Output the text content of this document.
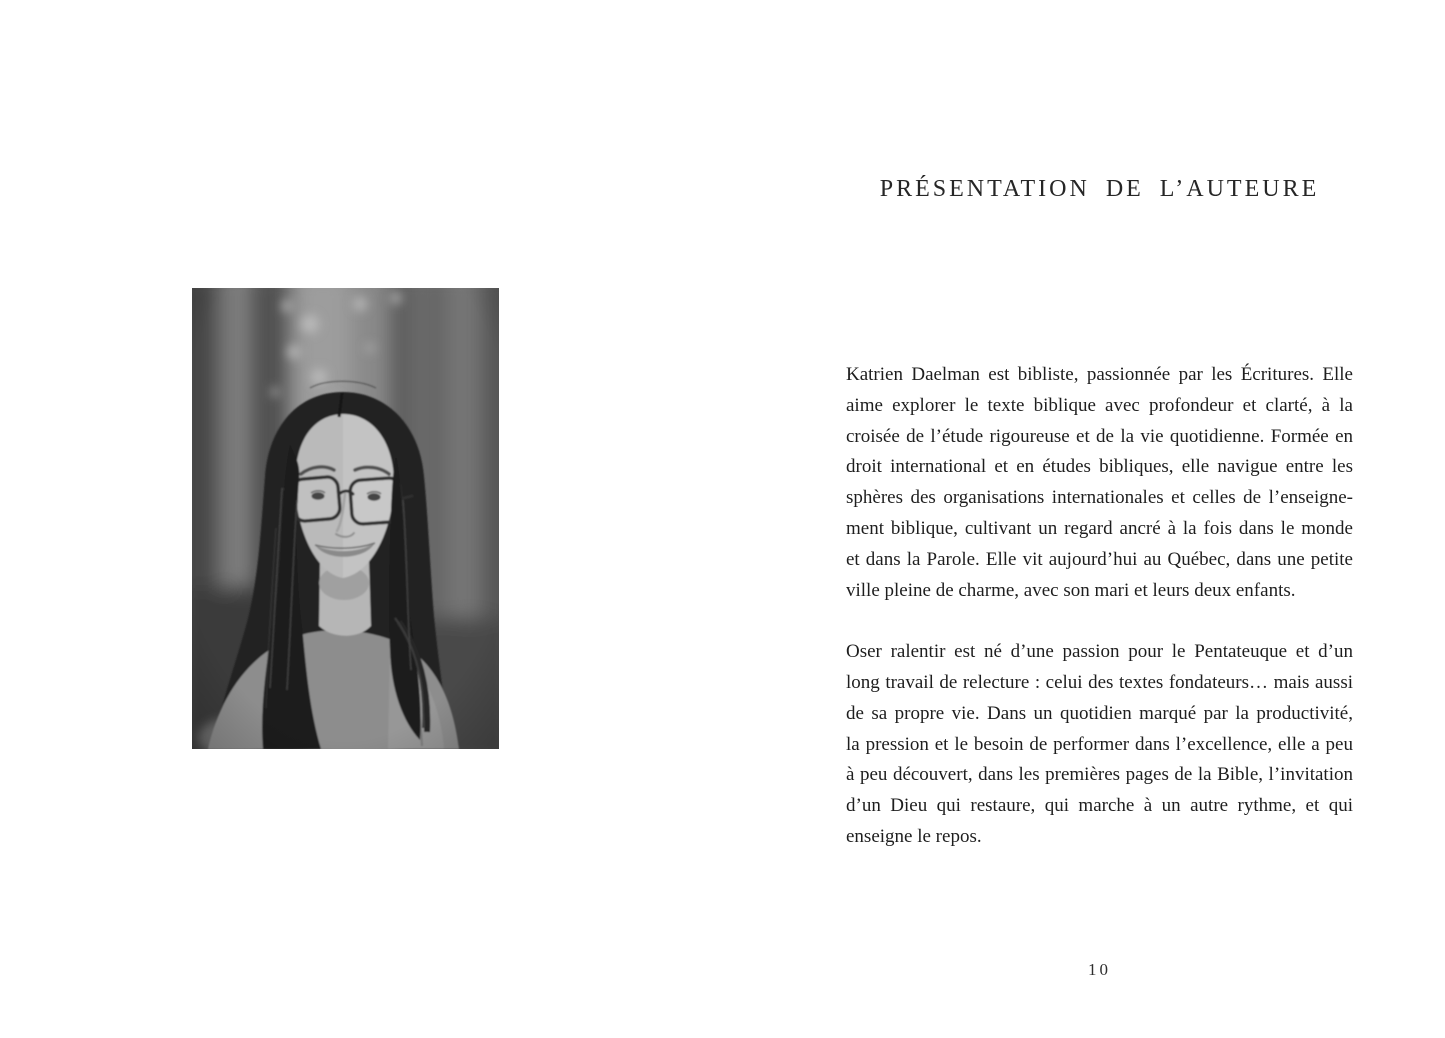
PRÉSENTATION DE L’AUTEURE

Katrien Daelman est bibliste, passionnée par les Écritures. Elle
aime explorer le texte biblique avec profondeur et clarté, à la
croisée de l’étude rigoureuse et de la vie quotidienne. Formée en
droit international et en études bibliques, elle navigue entre les
sphères des organisations internationales et celles de l’enseigne-
ment biblique, cultivant un regard ancré à la fois dans le monde
et dans la Parole. Elle vit aujourd’hui au Québec, dans une petite
ville pleine de charme, avec son mari et leurs deux enfants.

Oser ralentir est né d’une passion pour le Pentateuque et d’un
long travail de relecture : celui des textes fondateurs… mais aussi
de sa propre vie. Dans un quotidien marqué par la productivité,
la pression et le besoin de performer dans l’excellence, elle a peu
à peu découvert, dans les premières pages de la Bible, l’invitation
d’un Dieu qui restaure, qui marche à un autre rythme, et qui
enseigne le repos.

10
